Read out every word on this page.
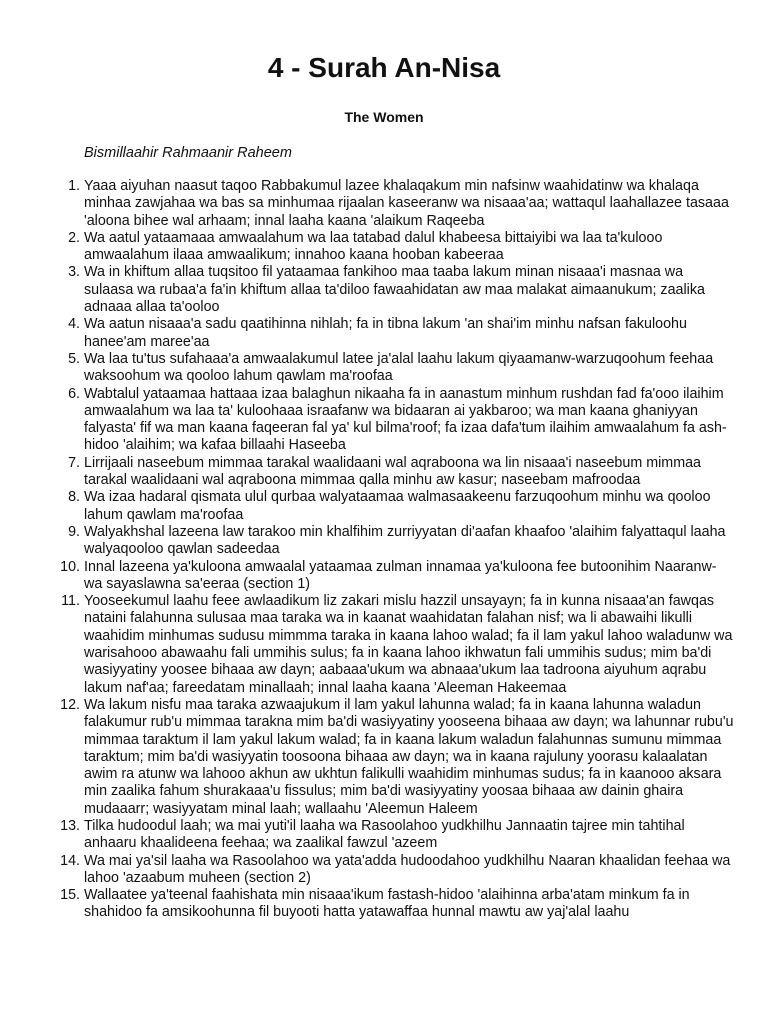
4 - Surah An-Nisa
The Women
Bismillaahir Rahmaanir Raheem
1. Yaaa aiyuhan naasut taqoo Rabbakumul lazee khalaqakum min nafsinw waahidatinw wa khalaqa minhaa zawjahaa wa bas sa minhumaa rijaalan kaseeranw wa nisaaa'aa; wattaqul laahallazee tasaaa 'aloona bihee wal arhaam; innal laaha kaana 'alaikum Raqeeba
2. Wa aatul yataamaaa amwaalahum wa laa tatabad dalul khabeesa bittaiyibi wa laa ta'kulooo amwaalahum ilaaa amwaalikum; innahoo kaana hooban kabeeraa
3. Wa in khiftum allaa tuqsitoo fil yataamaa fankihoo maa taaba lakum minan nisaaa'i masnaa wa sulaasa wa rubaa'a fa'in khiftum allaa ta'diloo fawaahidatan aw maa malakat aimaanukum; zaalika adnaaa allaa ta'ooloo
4. Wa aatun nisaaa'a sadu qaatihinna nihlah; fa in tibna lakum 'an shai'im minhu nafsan fakuloohu hanee'am maree'aa
5. Wa laa tu'tus sufahaaa'a amwaalakumul latee ja'alal laahu lakum qiyaamanw-warzuqoohum feehaa waksoohum wa qooloo lahum qawlam ma'roofaa
6. Wabtalul yataamaa hattaaa izaa balaghun nikaaha fa in aanastum minhum rushdan fad fa'ooo ilaihim amwaalahum wa laa ta' kuloohaaa israafanw wa bidaaran ai yakbaroo; wa man kaana ghaniyyan falyasta' fif wa man kaana faqeeran fal ya' kul bilma'roof; fa izaa dafa'tum ilaihim amwaalahum fa ash-hidoo 'alaihim; wa kafaa billaahi Haseeba
7. Lirrijaali naseebum mimmaa tarakal waalidaani wal aqraboona wa lin nisaaa'i naseebum mimmaa tarakal waalidaani wal aqraboona mimmaa qalla minhu aw kasur; naseebam mafroodaa
8. Wa izaa hadaral qismata ulul qurbaa walyataamaa walmasaakeenu farzuqoohum minhu wa qooloo lahum qawlam ma'roofaa
9. Walyakhshal lazeena law tarakoo min khalfihim zurriyyatan di'aafan khaafoo 'alaihim falyattaqul laaha walyaqooloo qawlan sadeedaa
10. Innal lazeena ya'kuloona amwaalal yataamaa zulman innamaa ya'kuloona fee butoonihim Naaranw-wa sayaslawna sa'eeraa (section 1)
11. Yooseekumul laahu feee awlaadikum liz zakari mislu hazzil unsayayn; fa in kunna nisaaa'an fawqas nataini falahunna sulusaa maa taraka wa in kaanat waahidatan falahan nisf; wa li abawaihi likulli waahidim minhumas sudusu mimmma taraka in kaana lahoo walad; fa il lam yakul lahoo waladunw wa warisahooo abawaahu fali ummihis sulus; fa in kaana lahoo ikhwatun fali ummihis sudus; mim ba'di wasiyyatiny yoosee bihaaa aw dayn; aabaaa'ukum wa abnaaa'ukum laa tadroona aiyuhum aqrabu lakum naf'aa; fareedatam minallaah; innal laaha kaana 'Aleeman Hakeemaa
12. Wa lakum nisfu maa taraka azwaajukum il lam yakul lahunna walad; fa in kaana lahunna waladun falakumur rub'u mimmaa taraknа mim ba'di wasiyyatiny yooseena bihaaa aw dayn; wa lahunnar rubu'u mimmaa taraktum il lam yakul lakum walad; fa in kaana lakum waladun falahunnas sumunu mimmaa taraktum; mim ba'di wasiyyatin toosoona bihaaa aw dayn; wa in kaana rajuluny yoorasu kalaalatan awim ra atunw wa lahooo akhun aw ukhtun falikulli waahidim minhumas sudus; fa in kaanooo aksara min zaalika fahum shurakaaa'u fissulus; mim ba'di wasiyyatiny yoosaa bihaaa aw dainin ghaira mudaaarr; wasiyyatam minal laah; wallaahu 'Aleemun Haleem
13. Tilka hudoodul laah; wa mai yuti'il laaha wa Rasoolahoo yudkhilhu Jannaatin tajree min tahtihal anhaaru khaalideena feehaa; wa zaalikal fawzul 'azeem
14. Wa mai ya'sil laaha wa Rasoolahoo wa yata'adda hudoodahoo yudkhilhu Naaran khaalidan feehaa wa lahoo 'azaabum muheen (section 2)
15. Wallaatee ya'teenal faahishata min nisaaa'ikum fastash-hidoo 'alaihinna arba'atam minkum fa in shahidoo fa amsikoohunna fil buyooti hatta yatawaffaa hunnal mawtu aw yaj'alal laahu
